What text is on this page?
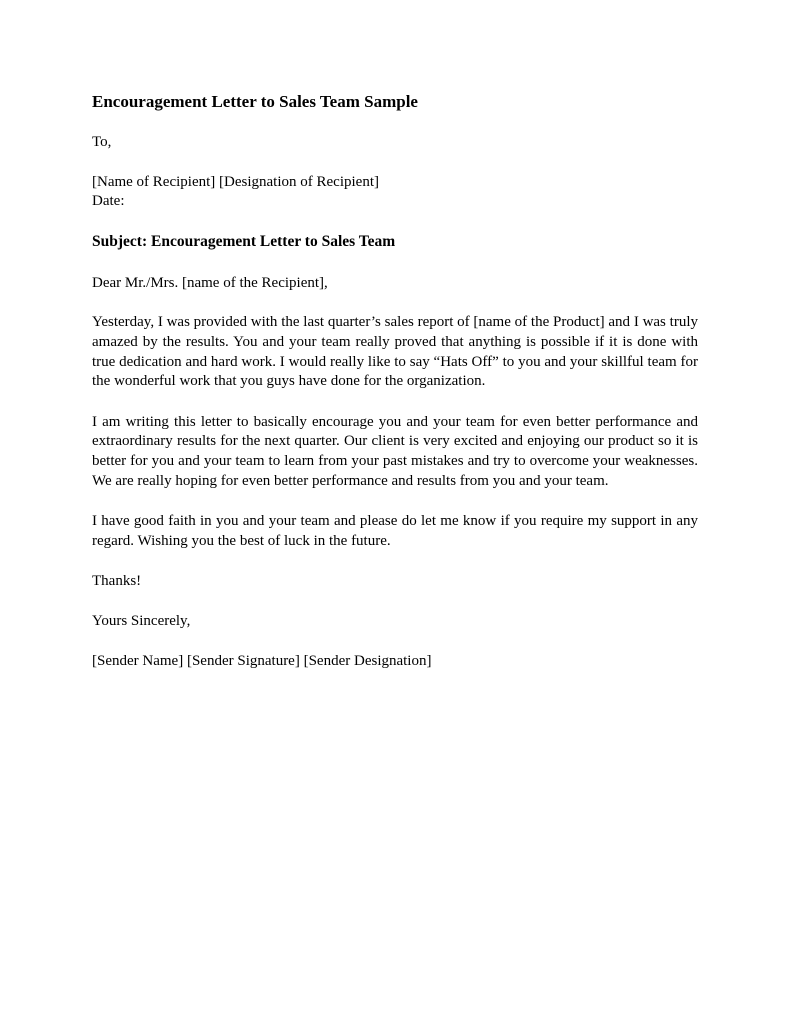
Encouragement Letter to Sales Team Sample
To,
[Name of Recipient] [Designation of Recipient]
Date:
Subject: Encouragement Letter to Sales Team
Dear Mr./Mrs. [name of the Recipient],

Yesterday, I was provided with the last quarter’s sales report of [name of the Product] and I was truly amazed by the results. You and your team really proved that anything is possible if it is done with true dedication and hard work. I would really like to say “Hats Off” to you and your skillful team for the wonderful work that you guys have done for the organization.

I am writing this letter to basically encourage you and your team for even better performance and extraordinary results for the next quarter. Our client is very excited and enjoying our product so it is better for you and your team to learn from your past mistakes and try to overcome your weaknesses. We are really hoping for even better performance and results from you and your team.

I have good faith in you and your team and please do let me know if you require my support in any regard. Wishing you the best of luck in the future.

Thanks!
Yours Sincerely,
[Sender Name] [Sender Signature] [Sender Designation]
